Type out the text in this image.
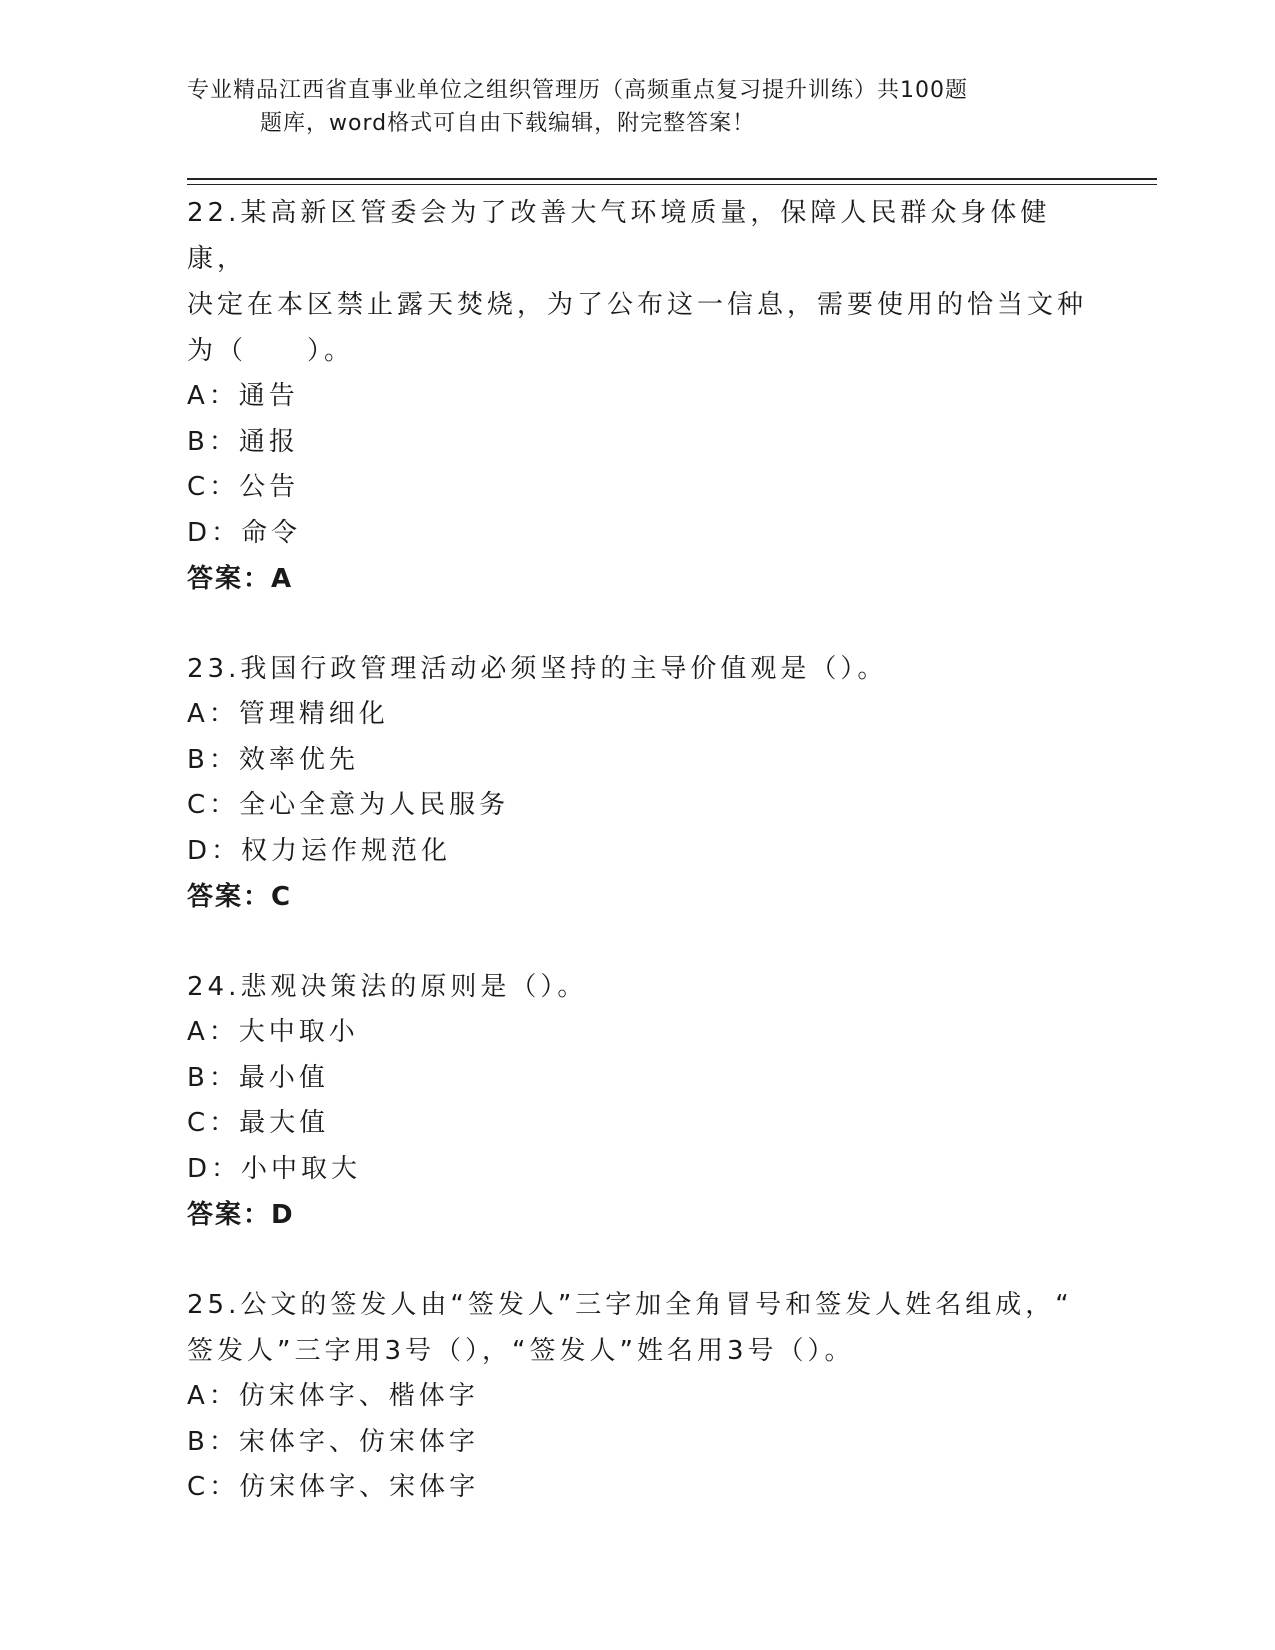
专业精品江西省直事业单位之组织管理历（高频重点复习提升训练）共100题
题库，word格式可自由下载编辑，附完整答案！
22.某高新区管委会为了改善大气环境质量，保障人民群众身体健康，
决定在本区禁止露天焚烧，为了公布这一信息，需要使用的恰当文种
为（　　）。
A：通告
B：通报
C：公告
D：命令
答案：A
23.我国行政管理活动必须坚持的主导价值观是（）。
A：管理精细化
B：效率优先
C：全心全意为人民服务
D：权力运作规范化
答案：C
24.悲观决策法的原则是（）。
A：大中取小
B：最小值
C：最大值
D：小中取大
答案：D
25.公文的签发人由“签发人”三字加全角冒号和签发人姓名组成，“
签发人”三字用3号（），“签发人”姓名用3号（）。
A：仿宋体字、楷体字
B：宋体字、仿宋体字
C：仿宋体字、宋体字
